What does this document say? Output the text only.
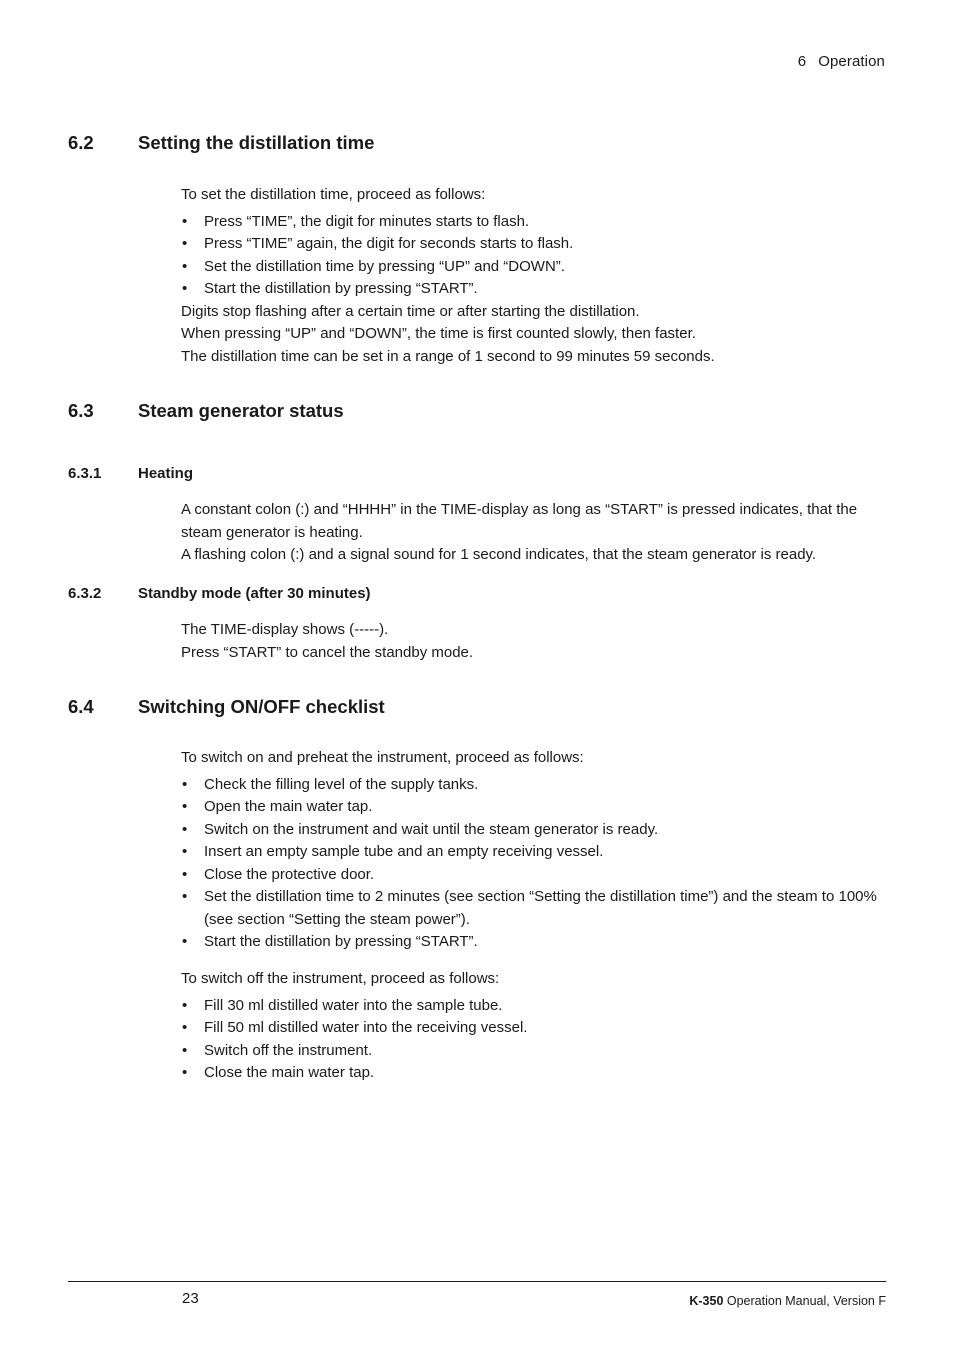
6 Operation
6.2 Setting the distillation time

To set the distillation time, proceed as follows:

• Press “TIME”, the digit for minutes starts to flash.
• Press “TIME” again, the digit for seconds starts to flash.
• Set the distillation time by pressing “UP” and “DOWN”.
• Start the distillation by pressing “START”.

Digits stop flashing after a certain time or after starting the distillation.

When pressing “UP” and “DOWN”, the time is first counted slowly, then faster.

The distillation time can be set in a range of 1 second to 99 minutes 59 seconds.

6.3 Steam generator status
6.3.1 Heating

A constant colon (:) and “HHHH” in the TIME-display as long as “START” is pressed indicates, that the steam generator is heating.

A flashing colon (:) and a signal sound for 1 second indicates, that the steam generator is ready.

6.3.2 Standby mode (after 30 minutes)

The TIME-display shows (-----).

Press “START” to cancel the standby mode.

6.4 Switching ON/OFF checklist

To switch on and preheat the instrument, proceed as follows:

• Check the filling level of the supply tanks.
• Open the main water tap.
• Switch on the instrument and wait until the steam generator is ready.
• Insert an empty sample tube and an empty receiving vessel.
• Close the protective door.
• Set the distillation time to 2 minutes (see section “Setting the distillation time”) and the steam to 100% (see section “Setting the steam power”).
• Start the distillation by pressing “START”.

To switch off the instrument, proceed as follows:

• Fill 30 ml distilled water into the sample tube.
• Fill 50 ml distilled water into the receiving vessel.
• Switch off the instrument.
• Close the main water tap.
23	K-350 Operation Manual, Version F
